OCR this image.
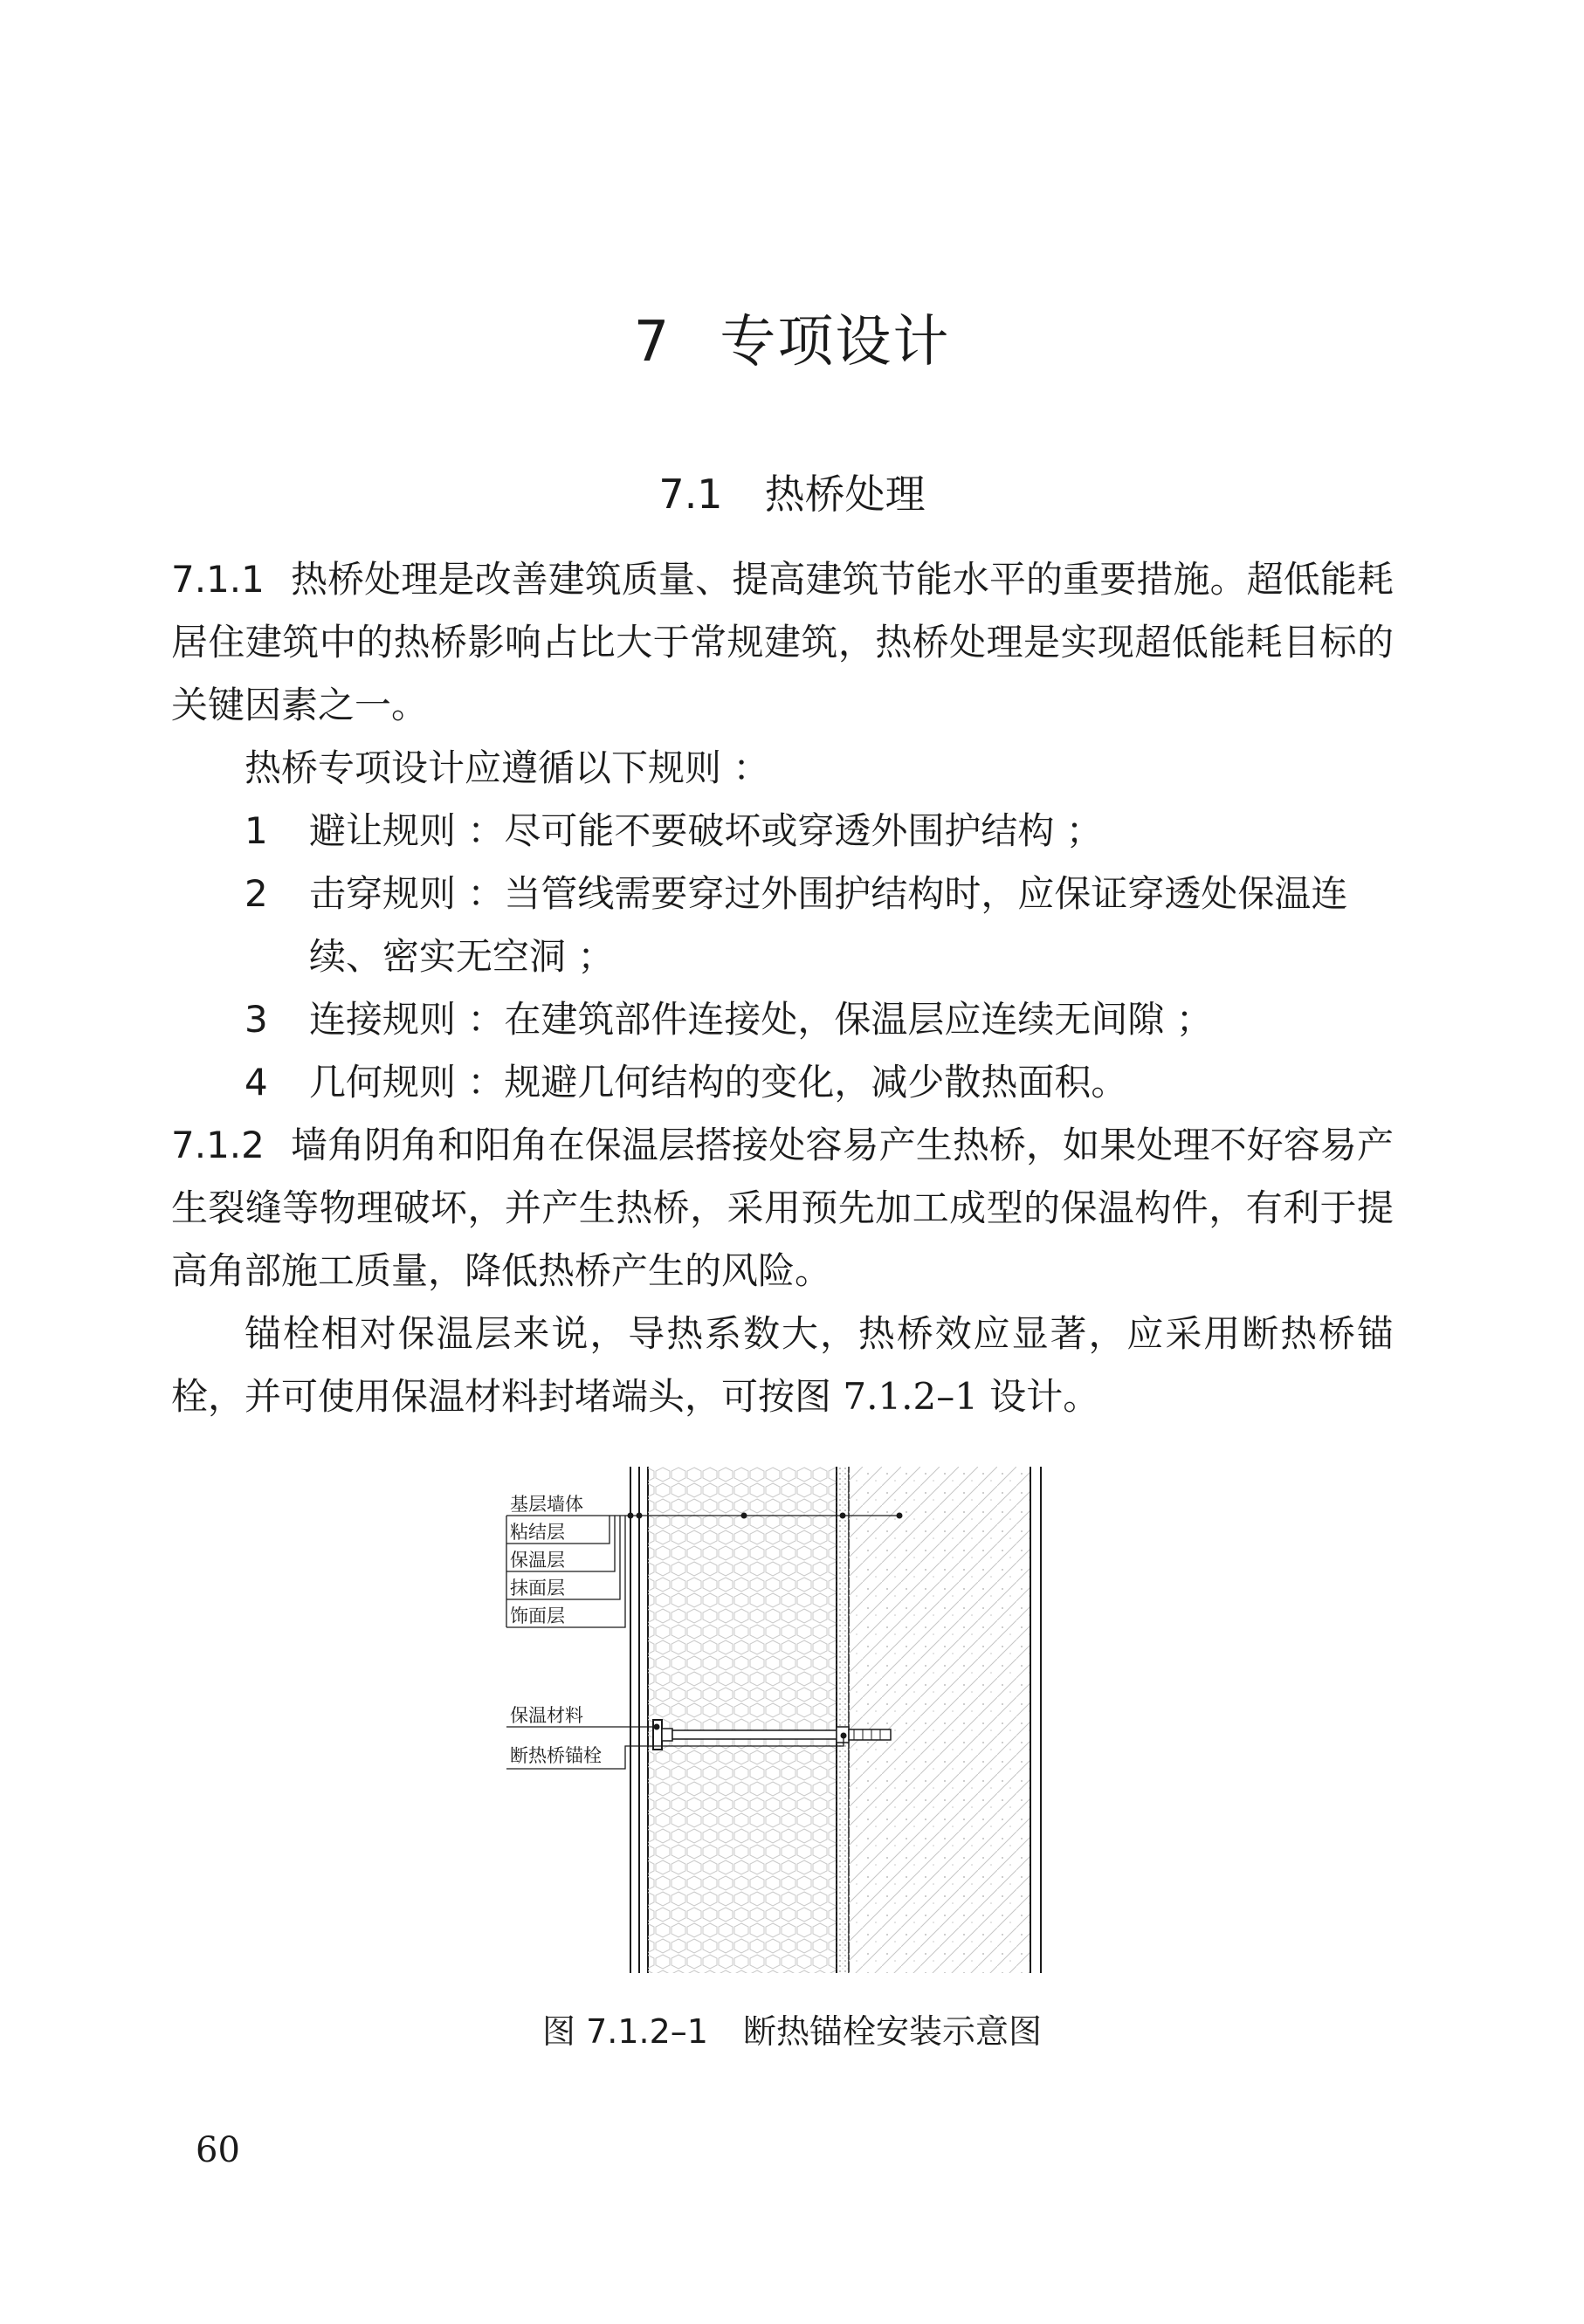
7 专项设计
7.1 热桥处理

7.1.1 热桥处理是改善建筑质量、提高建筑节能水平的重要措施。超低能耗居住建筑中的热桥影响占比大于常规建筑，热桥处理是实现超低能耗目标的关键因素之一。

热桥专项设计应遵循以下规则 ：

1 避让规则 ：尽可能不要破坏或穿透外围护结构 ；

2 击穿规则 ：当管线需要穿过外围护结构时，应保证穿透处保温连续、密实无空洞 ；

3 连接规则 ：在建筑部件连接处，保温层应连续无间隙 ；

4 几何规则 ：规避几何结构的变化，减少散热面积。

7.1.2 墙角阴角和阳角在保温层搭接处容易产生热桥，如果处理不好容易产生裂缝等物理破坏，并产生热桥，采用预先加工成型的保温构件，有利于提高角部施工质量，降低热桥产生的风险。

锚栓相对保温层来说，导热系数大，热桥效应显著，应采用断热桥锚栓，并可使用保温材料封堵端头，可按图 7.1.2–1 设计。

基层墙体
粘结层
保温层
抹面层
饰面层
保温材料
断热桥锚栓
图 7.1.2–1 断热锚栓安装示意图
60
